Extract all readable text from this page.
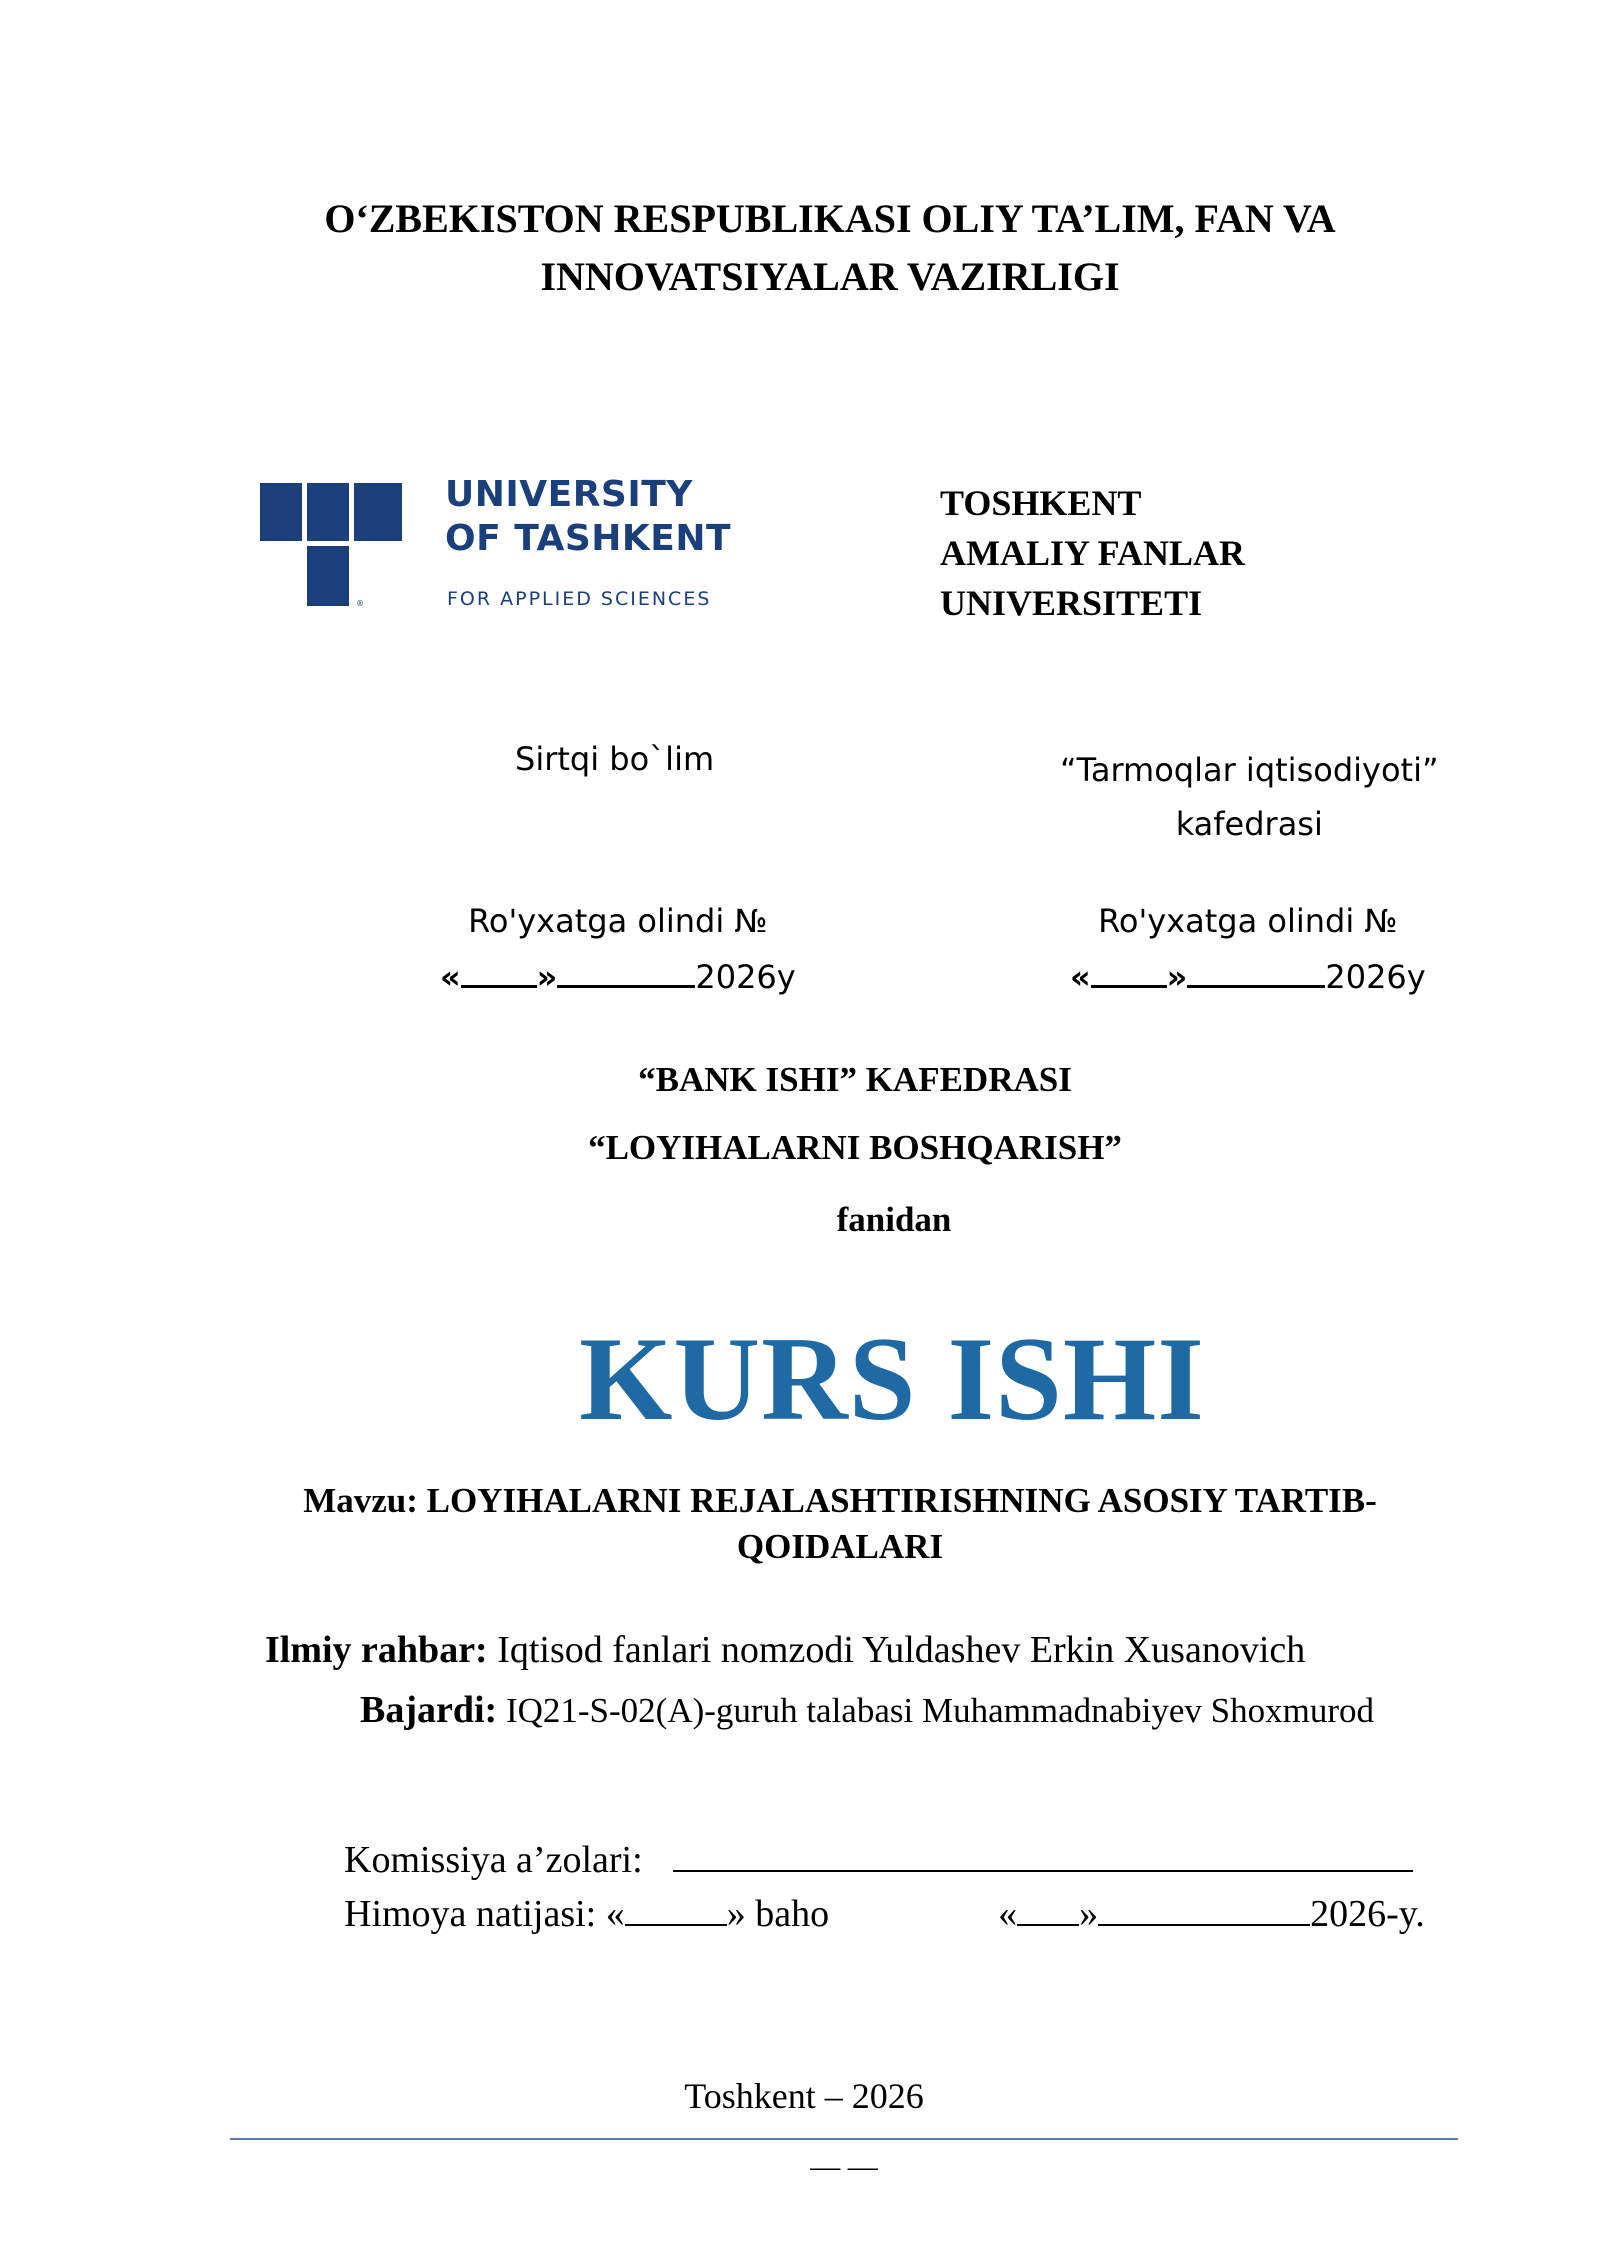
O‘ZBEKISTON RESPUBLIKASI OLIY TA’LIM, FAN VA
INNOVATSIYALAR VAZIRLIGI
®
UNIVERSITY
OF TASHKENT
FOR APPLIED SCIENCES
TOSHKENT
AMALIY FANLAR
UNIVERSITETI
Sirtqi bo`lim	“Tarmoqlar iqtisodiyoti”
kafedrasi
Ro'yxatga olindi №
« »	2026y
Ro'yxatga olindi №
« »	2026y
“BANK ISHI” KAFEDRASI
“LOYIHALARNI BOSHQARISH”
fanidan
KURS ISHI
Mavzu: LOYIHALARNI REJALASHTIRISHNING ASOSIY TARTIB-QOIDALARI
Ilmiy rahbar: Iqtisod fanlari nomzodi Yuldashev Erkin Xusanovich
Bajardi: IQ21-S-02(A)-guruh talabasi Muhammadnabiyev Shoxmurod
Komissiya a’zolari:
Himoya natijasi: «	» baho	« »	2026-y.
Toshkent – 2026
— —
